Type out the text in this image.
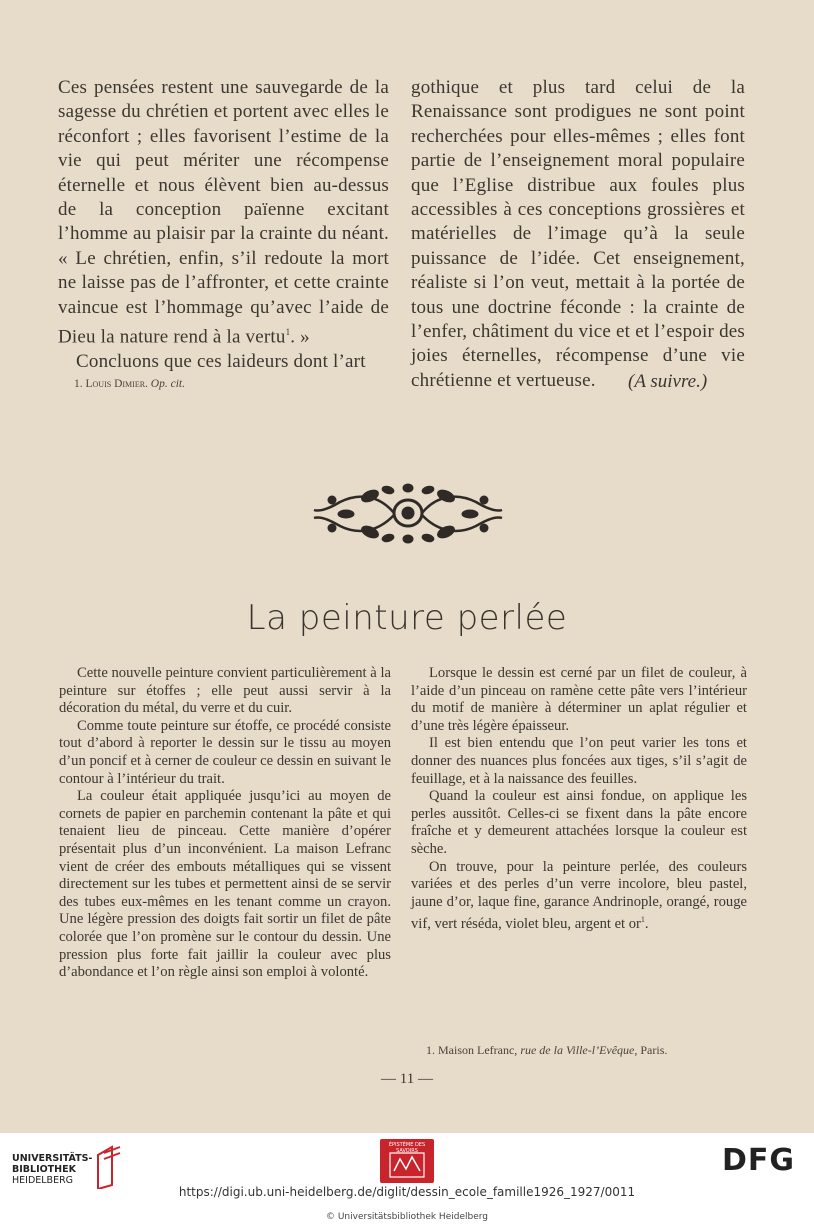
Ces pensées restent une sauvegarde de la sagesse du chrétien et portent avec elles le réconfort ; elles favorisent l’estime de la vie qui peut mériter une récompense éternelle et nous élèvent bien au-dessus de la conception païenne excitant l’homme au plaisir par la crainte du néant. « Le chrétien, enfin, s’il redoute la mort ne laisse pas de l’affronter, et cette crainte vaincue est l’hommage qu’avec l’aide de Dieu la nature rend à la vertu$^1$. »

Concluons que ces laideurs dont l’art

1. Louis Dimier. Op. cit.

gothique et plus tard celui de la Renaissance sont prodigues ne sont point recherchées pour elles-mêmes ; elles font partie de l’enseignement moral populaire que l’Eglise distribue aux foules plus accessibles à ces conceptions grossières et matérielles de l’image qu’à la seule puissance de l’idée. Cet enseignement, réaliste si l’on veut, mettait à la portée de tous une doctrine féconde : la crainte de l’enfer, châtiment du vice et et l’espoir des joies éternelles, récompense d’une vie chrétienne et vertueuse.	(A suivre.)
La peinture perlée

Cette nouvelle peinture convient particulièrement à la peinture sur étoffes ; elle peut aussi servir à la décoration du métal, du verre et du cuir.

Comme toute peinture sur étoffe, ce procédé consiste tout d’abord à reporter le dessin sur le tissu au moyen d’un poncif et à cerner de couleur ce dessin en suivant le contour à l’intérieur du trait.

La couleur était appliquée jusqu’ici au moyen de cornets de papier en parchemin contenant la pâte et qui tenaient lieu de pinceau. Cette manière d’opérer présentait plus d’un inconvénient. La maison Lefranc vient de créer des embouts métalliques qui se vissent directement sur les tubes et permettent ainsi de se servir des tubes eux-mêmes en les tenant comme un crayon. Une légère pression des doigts fait sortir un filet de pâte colorée que l’on promène sur le contour du dessin. Une pression plus forte fait jaillir la couleur avec plus d’abondance et l’on règle ainsi son emploi à volonté.

Lorsque le dessin est cerné par un filet de couleur, à l’aide d’un pinceau on ramène cette pâte vers l’intérieur du motif de manière à déterminer un aplat régulier et d’une très légère épaisseur.

Il est bien entendu que l’on peut varier les tons et donner des nuances plus foncées aux tiges, s’il s’agit de feuillage, et à la naissance des feuilles.

Quand la couleur est ainsi fondue, on applique les perles aussitôt. Celles-ci se fixent dans la pâte encore fraîche et y demeurent attachées lorsque la couleur est sèche.

On trouve, pour la peinture perlée, des couleurs variées et des perles d’un verre incolore, bleu pastel, jaune d’or, laque fine, garance Andrinople, orangé, rouge vif, vert réséda, violet bleu, argent et $or^1$.

1. Maison Lefranc, rue de la Ville-l’Evêque, Paris.
— 11 —
UNIVERSITÄTS-
BIBLIOTHEK
HEIDELBERG
ÉPISTÈME DES SAVOIRS	DFG
https://digi.ub.uni-heidelberg.de/diglit/dessin_ecole_famille1926_1927/0011
© Universitätsbibliothek Heidelberg
